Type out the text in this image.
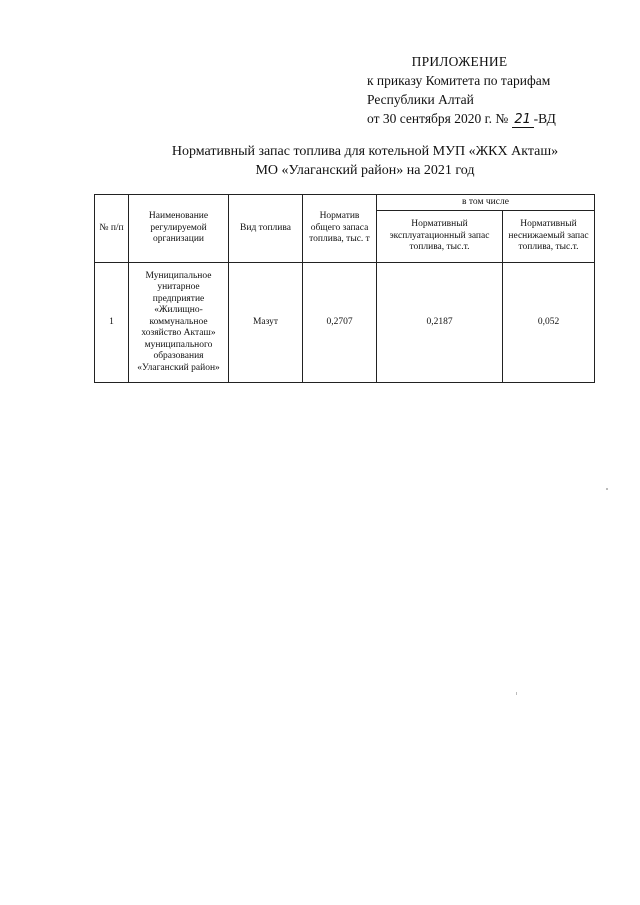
ПРИЛОЖЕНИЕ
к приказу Комитета по тарифам
Республики Алтай
от 30 сентября 2020 г. № 21 -ВД
Нормативный запас топлива для котельной МУП «ЖКХ Акташ»
МО «Улаганский район» на 2021 год
№ п/п	Наименование регулируемой организации	Вид топлива	Норматив общего запаса топлива, тыс. т	в том числе	
				Нормативный эксплуатационный запас топлива, тыс.т.	Нормативный неснижаемый запас топлива, тыс.т.
1	Муниципальное унитарное предприятие «Жилищно-коммунальное хозяйство Акташ» муниципального образования «Улаганский район»	Мазут	0,2707	0,2187	0,052
